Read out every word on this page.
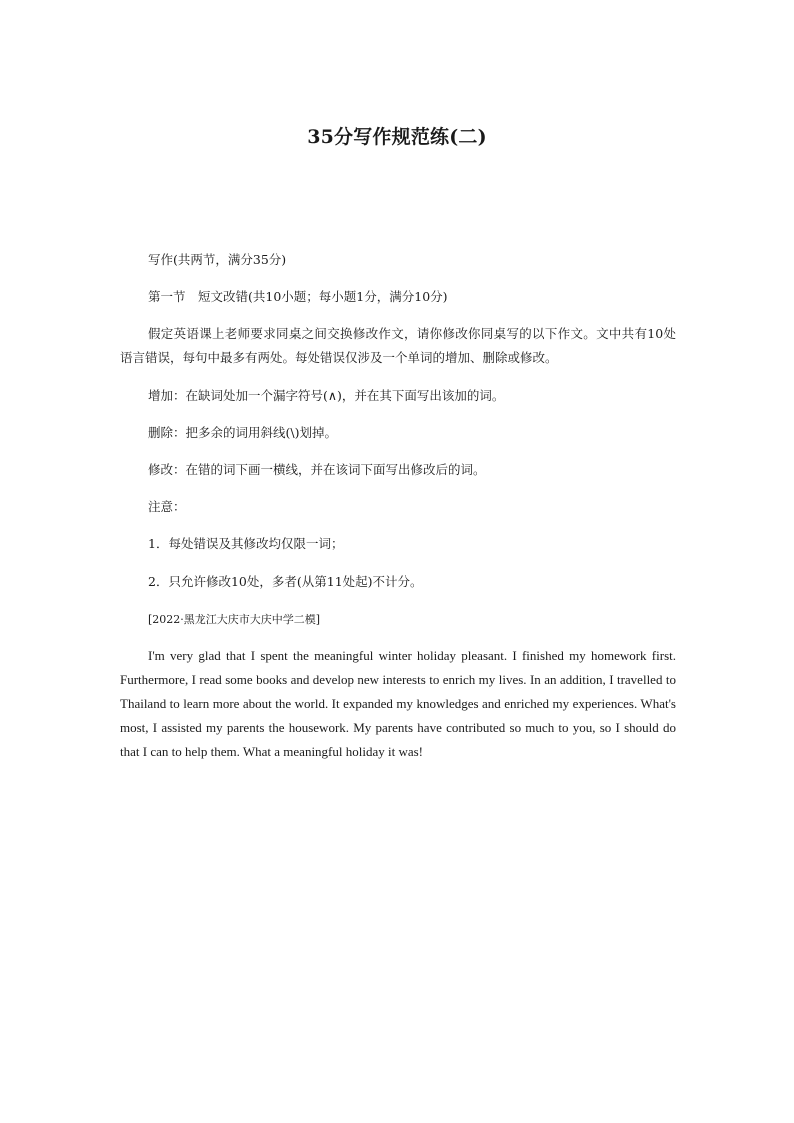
35分写作规范练(二)
写作(共两节，满分35分)
第一节　短文改错(共10小题；每小题1分，满分10分)
假定英语课上老师要求同桌之间交换修改作文，请你修改你同桌写的以下作文。文中共有10处语言错误，每句中最多有两处。每处错误仅涉及一个单词的增加、删除或修改。
增加：在缺词处加一个漏字符号(∧)，并在其下面写出该加的词。
删除：把多余的词用斜线(\)划掉。
修改：在错的词下画一横线，并在该词下面写出修改后的词。
注意：
1．每处错误及其修改均仅限一词；
2．只允许修改10处，多者(从第11处起)不计分。
[2022·黑龙江大庆市大庆中学二模]
I'm very glad that I spent the meaningful winter holiday pleasant. I finished my homework first. Furthermore, I read some books and develop new interests to enrich my lives. In an addition, I travelled to Thailand to learn more about the world. It expanded my knowledges and enriched my experiences. What's most, I assisted my parents the housework. My parents have contributed so much to you, so I should do that I can to help them. What a meaningful holiday it was!
